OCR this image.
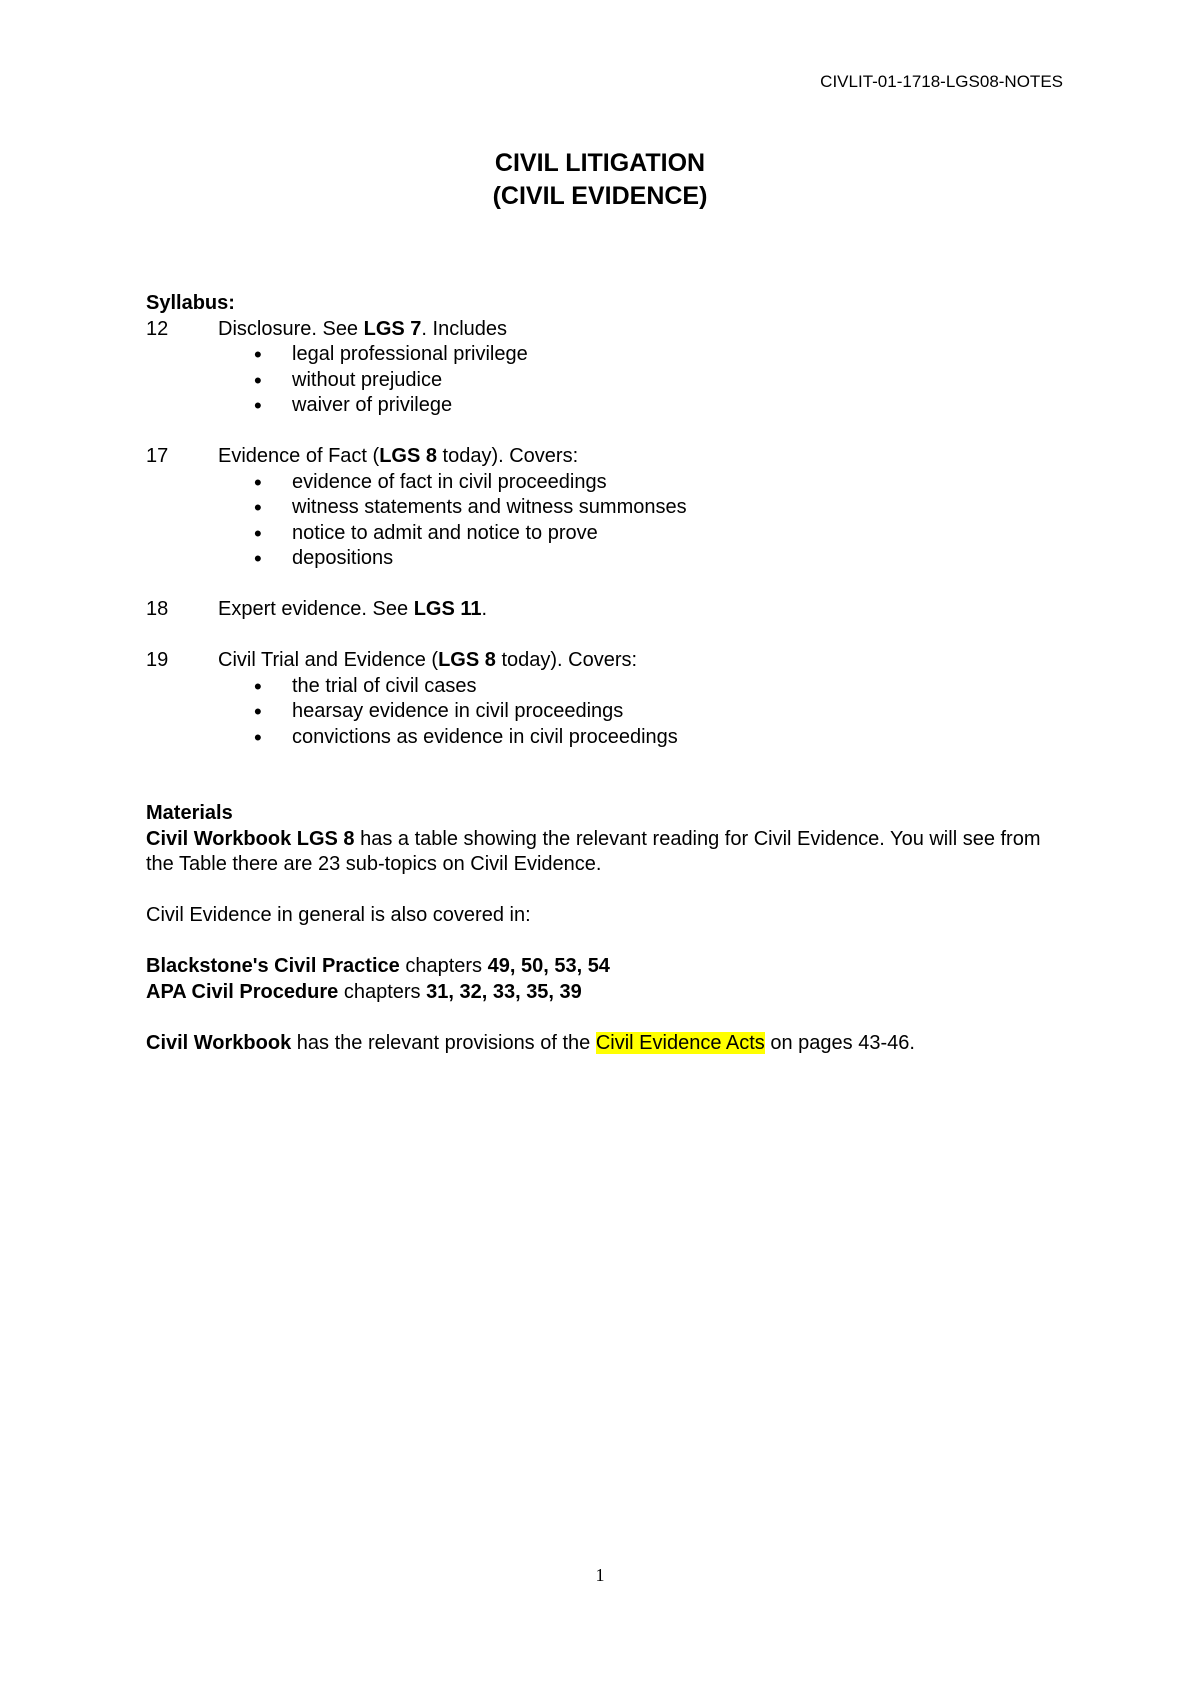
CIVLIT-01-1718-LGS08-NOTES
CIVIL LITIGATION
(CIVIL EVIDENCE)
Syllabus:
12 Disclosure. See LGS 7. Includes
• legal professional privilege
• without prejudice
• waiver of privilege
17 Evidence of Fact (LGS 8 today). Covers:
• evidence of fact in civil proceedings
• witness statements and witness summonses
• notice to admit and notice to prove
• depositions
18 Expert evidence. See LGS 11.
19 Civil Trial and Evidence (LGS 8 today). Covers:
• the trial of civil cases
• hearsay evidence in civil proceedings
• convictions as evidence in civil proceedings
Materials
Civil Workbook LGS 8 has a table showing the relevant reading for Civil Evidence. You will see from the Table there are 23 sub-topics on Civil Evidence.
Civil Evidence in general is also covered in:
Blackstone's Civil Practice chapters 49, 50, 53, 54
APA Civil Procedure chapters 31, 32, 33, 35, 39
Civil Workbook has the relevant provisions of the Civil Evidence Acts on pages 43-46.
1
